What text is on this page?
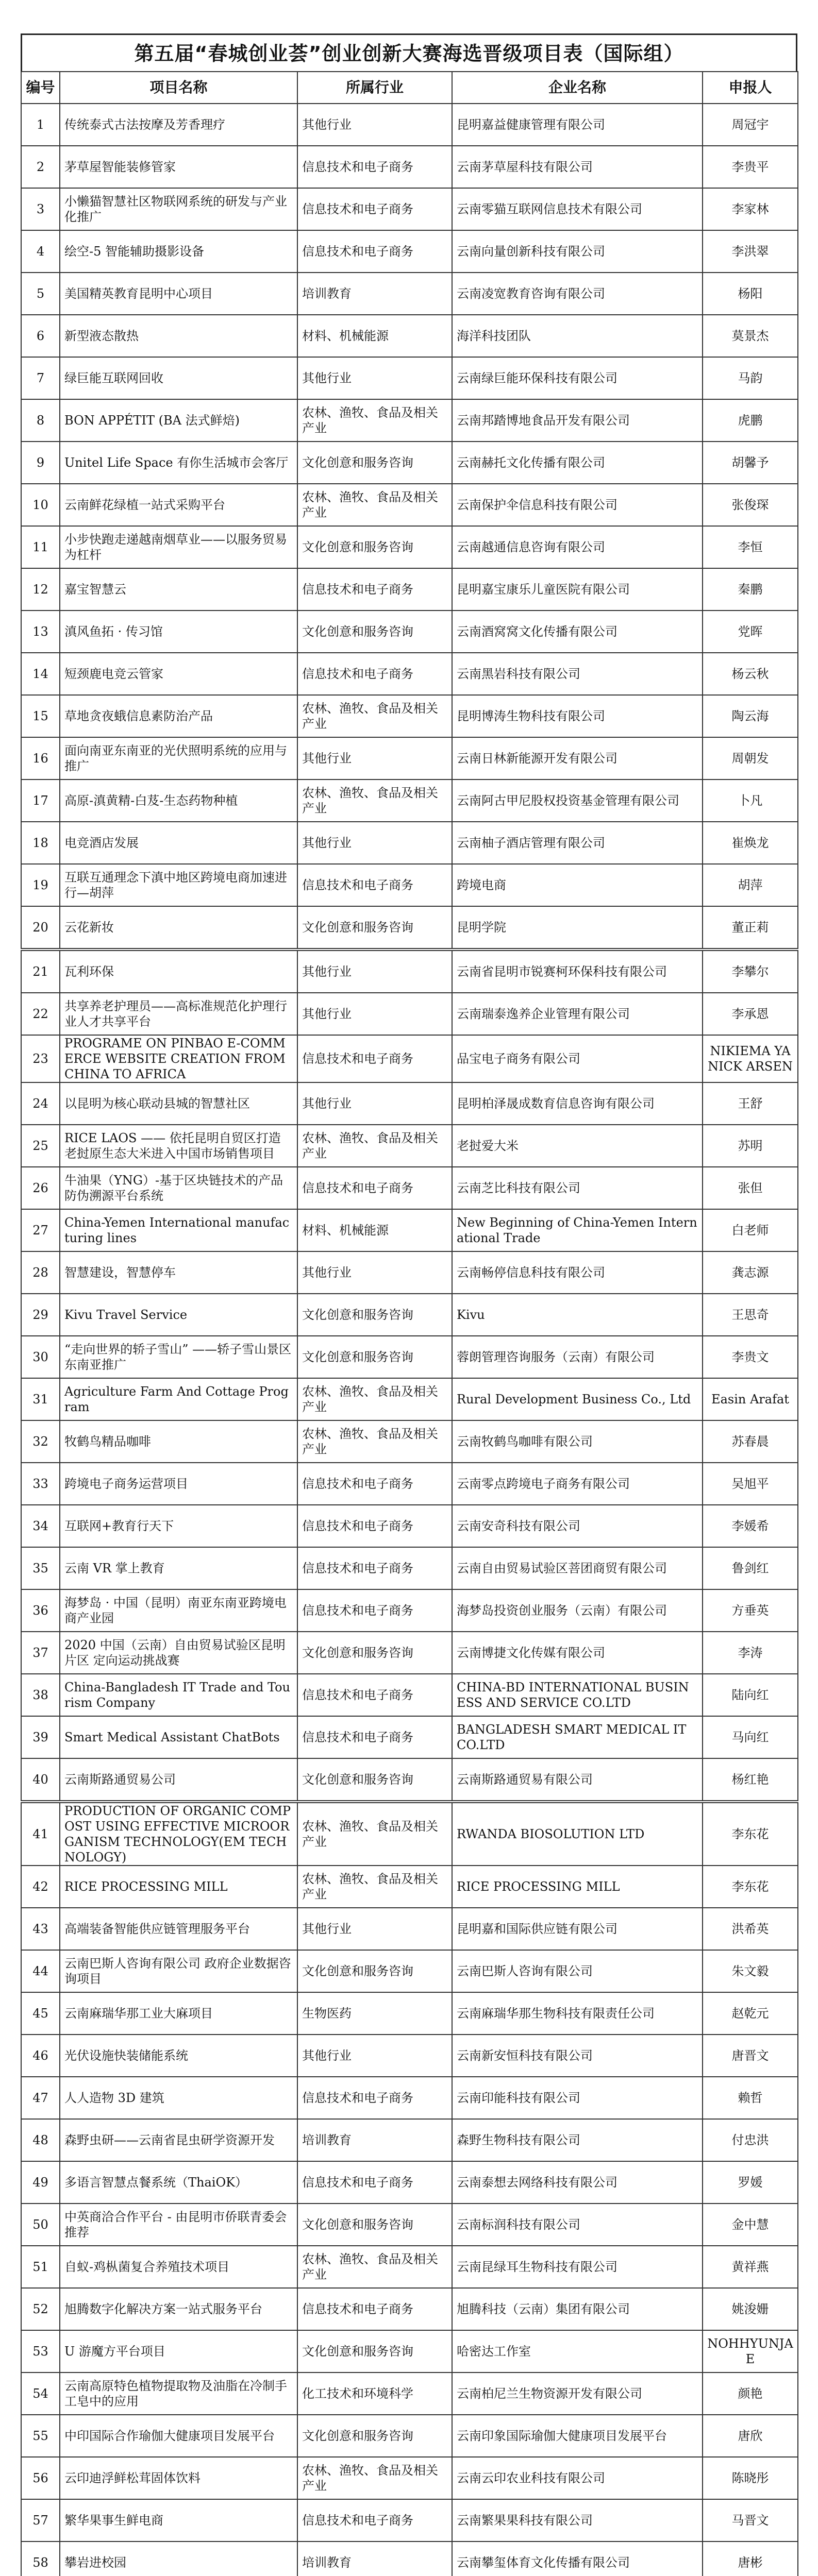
第五届“春城创业荟”创业创新大赛海选晋级项目表（国际组）
编号	项目名称	所属行业	企业名称	申报人
1	传统泰式古法按摩及芳香理疗	其他行业	昆明嘉益健康管理有限公司	周冠宇
2	茅草屋智能装修管家	信息技术和电子商务	云南茅草屋科技有限公司	李贵平
3	小懒猫智慧社区物联网系统的研发与产业化推广	信息技术和电子商务	云南零猫互联网信息技术有限公司	李家林
4	绘空-5 智能辅助摄影设备	信息技术和电子商务	云南向量创新科技有限公司	李洪翠
5	美国精英教育昆明中心项目	培训教育	云南凌宽教育咨询有限公司	杨阳
6	新型液态散热	材料、机械能源	海洋科技团队	莫景杰
7	绿巨能互联网回收	其他行业	云南绿巨能环保科技有限公司	马韵
8	BON APPÉTIT (BA 法式鲜焙)	农林、渔牧、食品及相关产业	云南邦踏博地食品开发有限公司	虎鹏
9	Unitel Life Space 有你生活城市会客厅	文化创意和服务咨询	云南赫托文化传播有限公司	胡馨予
10	云南鲜花绿植一站式采购平台	农林、渔牧、食品及相关产业	云南保护伞信息科技有限公司	张俊琛
11	小步快跑走递越南烟草业——以服务贸易为杠杆	文化创意和服务咨询	云南越通信息咨询有限公司	李恒
12	嘉宝智慧云	信息技术和电子商务	昆明嘉宝康乐儿童医院有限公司	秦鹏
13	滇风鱼拓 · 传习馆	文化创意和服务咨询	云南酒窝窝文化传播有限公司	党晖
14	短颈鹿电竞云管家	信息技术和电子商务	云南黑岩科技有限公司	杨云秋
15	草地贪夜蛾信息素防治产品	农林、渔牧、食品及相关产业	昆明博涛生物科技有限公司	陶云海
16	面向南亚东南亚的光伏照明系统的应用与推广	其他行业	云南日林新能源开发有限公司	周朝发
17	高原-滇黄精-白芨-生态药物种植	农林、渔牧、食品及相关产业	云南阿古甲尼股权投资基金管理有限公司	卜凡
18	电竞酒店发展	其他行业	云南柚子酒店管理有限公司	崔焕龙
19	互联互通理念下滇中地区跨境电商加速进行—胡萍	信息技术和电子商务	跨境电商	胡萍
20	云花新妆	文化创意和服务咨询	昆明学院	董正莉
21	瓦利环保	其他行业	云南省昆明市锐赛柯环保科技有限公司	李攀尔
22	共享养老护理员——高标准规范化护理行业人才共享平台	其他行业	云南瑞泰逸养企业管理有限公司	李承恩
23	PROGRAME ON PINBAO E-COMMERCE WEBSITE CREATION FROM CHINA TO AFRICA	信息技术和电子商务	品宝电子商务有限公司	NIKIEMA YANICK ARSEN
24	以昆明为核心联动县城的智慧社区	其他行业	昆明柏泽晟成数育信息咨询有限公司	王舒
25	RICE LAOS —— 依托昆明自贸区打造老挝原生态大米进入中国市场销售项目	农林、渔牧、食品及相关产业	老挝爱大米	苏明
26	牛油果（YNG）-基于区块链技术的产品防伪溯源平台系统	信息技术和电子商务	云南芝比科技有限公司	张但
27	China-Yemen International manufacturing lines	材料、机械能源	New Beginning of China-Yemen International Trade	白老师
28	智慧建设，智慧停车	其他行业	云南畅停信息科技有限公司	龚志源
29	Kivu Travel Service	文化创意和服务咨询	Kivu	王思奇
30	“走向世界的轿子雪山” ——轿子雪山景区东南亚推广	文化创意和服务咨询	蓉朗管理咨询服务（云南）有限公司	李贵文
31	Agriculture Farm And Cottage Program	农林、渔牧、食品及相关产业	Rural Development Business Co., Ltd	Easin Arafat
32	牧鹤鸟精品咖啡	农林、渔牧、食品及相关产业	云南牧鹤鸟咖啡有限公司	苏春晨
33	跨境电子商务运营项目	信息技术和电子商务	云南零点跨境电子商务有限公司	吴旭平
34	互联网+教育行天下	信息技术和电子商务	云南安奇科技有限公司	李媛希
35	云南 VR 掌上教育	信息技术和电子商务	云南自由贸易试验区菩团商贸有限公司	鲁剑红
36	海梦岛 · 中国（昆明）南亚东南亚跨境电商产业园	信息技术和电子商务	海梦岛投资创业服务（云南）有限公司	方垂英
37	2020 中国（云南）自由贸易试验区昆明片区 定向运动挑战赛	文化创意和服务咨询	云南博捷文化传媒有限公司	李涛
38	China-Bangladesh IT Trade and Tourism Company	信息技术和电子商务	CHINA-BD INTERNATIONAL BUSINESS AND SERVICE CO.LTD	陆向红
39	Smart Medical Assistant ChatBots	信息技术和电子商务	BANGLADESH SMART MEDICAL IT CO.LTD	马向红
40	云南斯路通贸易公司	文化创意和服务咨询	云南斯路通贸易有限公司	杨红艳
41	PRODUCTION OF ORGANIC COMPOST USING EFFECTIVE MICROORGANISM TECHNOLOGY(EM TECHNOLOGY)	农林、渔牧、食品及相关产业	RWANDA BIOSOLUTION LTD	李东花
42	RICE PROCESSING MILL	农林、渔牧、食品及相关产业	RICE PROCESSING MILL	李东花
43	高端装备智能供应链管理服务平台	其他行业	昆明嘉和国际供应链有限公司	洪希英
44	云南巴斯人咨询有限公司 政府企业数据咨询项目	文化创意和服务咨询	云南巴斯人咨询有限公司	朱文毅
45	云南麻瑞华那工业大麻项目	生物医药	云南麻瑞华那生物科技有限责任公司	赵乾元
46	光伏设施快装储能系统	其他行业	云南新安恒科技有限公司	唐晋文
47	人人造物 3D 建筑	信息技术和电子商务	云南印能科技有限公司	赖哲
48	森野虫研——云南省昆虫研学资源开发	培训教育	森野生物科技有限公司	付忠洪
49	多语言智慧点餐系统（ThaiOK）	信息技术和电子商务	云南泰想去网络科技有限公司	罗媛
50	中英商洽合作平台 - 由昆明市侨联青委会推荐	文化创意和服务咨询	云南标润科技有限公司	金中慧
51	自蚁-鸡枞菌复合养殖技术项目	农林、渔牧、食品及相关产业	云南昆绿耳生物科技有限公司	黄祥燕
52	旭腾数字化解决方案一站式服务平台	信息技术和电子商务	旭腾科技（云南）集团有限公司	姚浚姗
53	U 游魔方平台项目	文化创意和服务咨询	哈密达工作室	NOHHYUNJAE
54	云南高原特色植物提取物及油脂在冷制手工皂中的应用	化工技术和环境科学	云南柏尼兰生物资源开发有限公司	颜艳
55	中印国际合作瑜伽大健康项目发展平台	文化创意和服务咨询	云南印象国际瑜伽大健康项目发展平台	唐欣
56	云印迪浮鲜松茸固体饮料	农林、渔牧、食品及相关产业	云南云印农业科技有限公司	陈晓彤
57	繁华果事生鲜电商	信息技术和电子商务	云南繁果果科技有限公司	马晋文
58	攀岩进校园	培训教育	云南攀玺体育文化传播有限公司	唐彬
